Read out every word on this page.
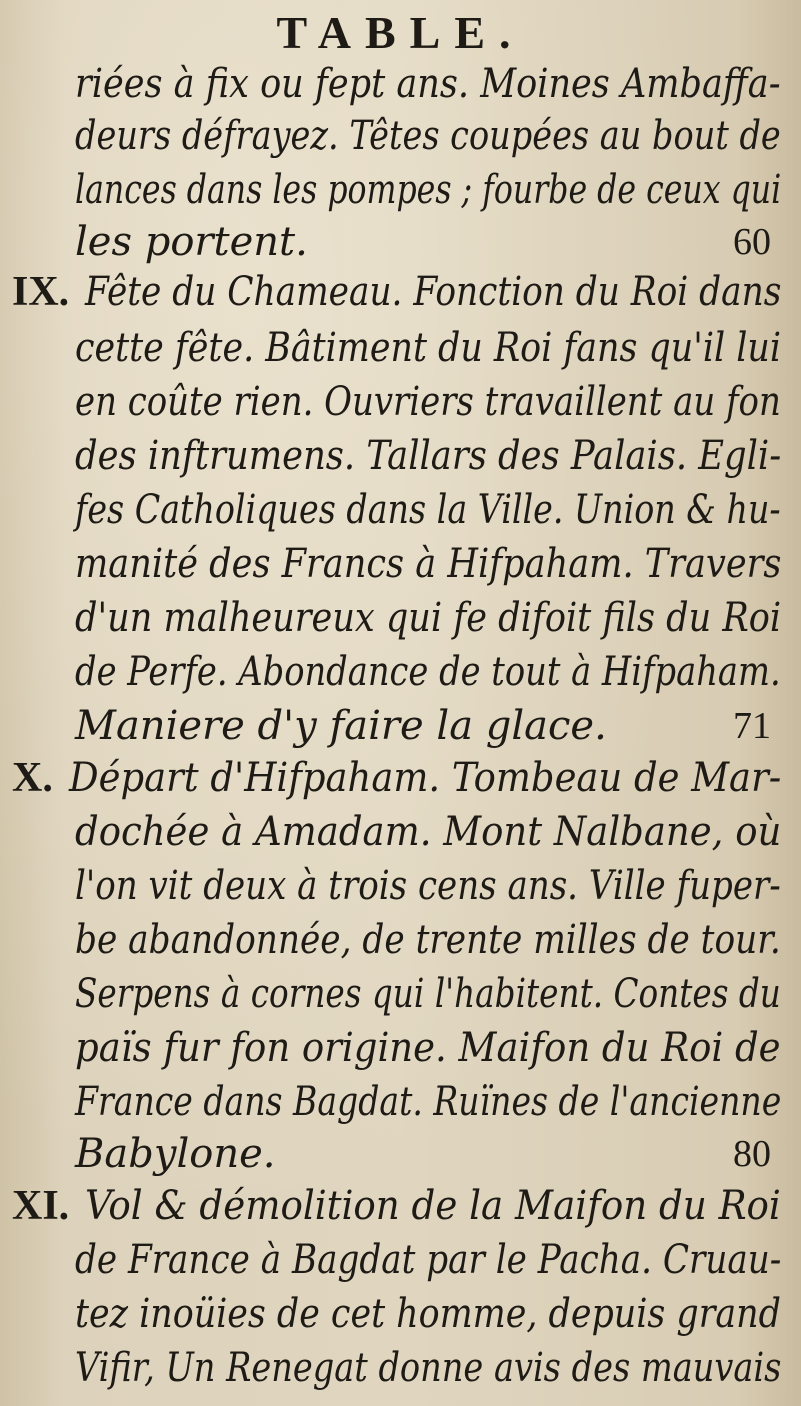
TABLE.
riées à fix ou fept ans. Moines Ambaffa-
deurs défrayez. Têtes coupées au bout de
lances dans les pompes ; fourbe de ceux qui
les portent.
cette fête. Bâtiment du Roi fans qu'il lui
en coûte rien. Ouvriers travaillent au fon
des inftrumens. Tallars des Palais. Egli-
fes Catholiques dans la Ville. Union & hu-
manité des Francs à Hifpaham. Travers
d'un malheureux qui fe difoit fils du Roi
de Perfe. Abondance de tout à Hifpaham.
Maniere d'y faire la glace.
dochée à Amadam. Mont Nalbane, où
l'on vit deux à trois cens ans. Ville fuper-
be abandonnée, de trente milles de tour.
Serpens à cornes qui l'habitent. Contes du
païs fur fon origine. Maifon du Roi de
France dans Bagdat. Ruïnes de l'ancienne
Babylone.
de France à Bagdat par le Pacha. Cruau-
tez inoüies de cet homme, depuis grand
Vifir, Un Renegat donne avis des mauvais
IX. Fête du Chameau. Fonction du Roi dans
X. Départ d'Hifpaham. Tombeau de Mar-
XI. Vol & démolition de la Maifon du Roi
60
71
80
